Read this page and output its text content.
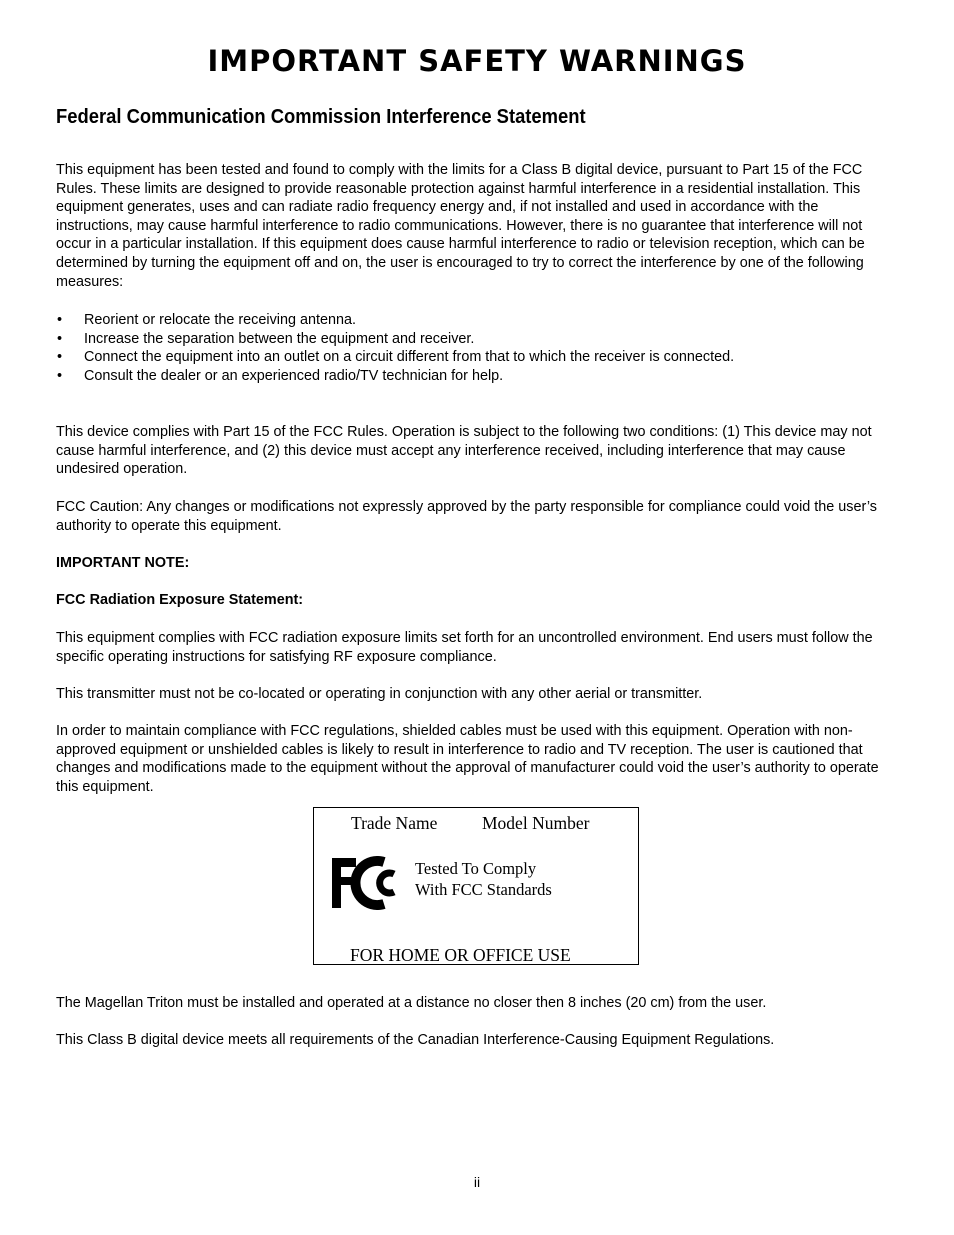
IMPORTANT SAFETY WARNINGS
Federal Communication Commission Interference Statement

This equipment has been tested and found to comply with the limits for a Class B digital device, pursuant to Part 15 of the FCC Rules. These limits are designed to provide reasonable protection against harmful interference in a residential installation. This equipment generates, uses and can radiate radio frequency energy and, if not installed and used in accordance with the instructions, may cause harmful interference to radio communications. However, there is no guarantee that interference will not occur in a particular installation. If this equipment does cause harmful interference to radio or television reception, which can be determined by turning the equipment off and on, the user is encouraged to try to correct the interference by one of the following measures:

• Reorient or relocate the receiving antenna.
• Increase the separation between the equipment and receiver.
• Connect the equipment into an outlet on a circuit different from that to which the receiver is connected.
• Consult the dealer or an experienced radio/TV technician for help.

This device complies with Part 15 of the FCC Rules. Operation is subject to the following two conditions: (1) This device may not cause harmful interference, and (2) this device must accept any interference received, including interference that may cause undesired operation.

FCC Caution: Any changes or modifications not expressly approved by the party responsible for compliance could void the user’s authority to operate this equipment.

IMPORTANT NOTE:

FCC Radiation Exposure Statement:

This equipment complies with FCC radiation exposure limits set forth for an uncontrolled environment. End users must follow the specific operating instructions for satisfying RF exposure compliance.

This transmitter must not be co-located or operating in conjunction with any other aerial or transmitter.

In order to maintain compliance with FCC regulations, shielded cables must be used with this equipment. Operation with non-approved equipment or unshielded cables is likely to result in interference to radio and TV reception. The user is cautioned that changes and modifications made to the equipment without the approval of manufacturer could void the user’s authority to operate this equipment.

Trade Name	Model Number
Tested To Comply
With FCC Standards
FOR HOME OR OFFICE USE

The Magellan Triton must be installed and operated at a distance no closer then 8 inches (20 cm) from the user.

This Class B digital device meets all requirements of the Canadian Interference-Causing Equipment Regulations.

ii
